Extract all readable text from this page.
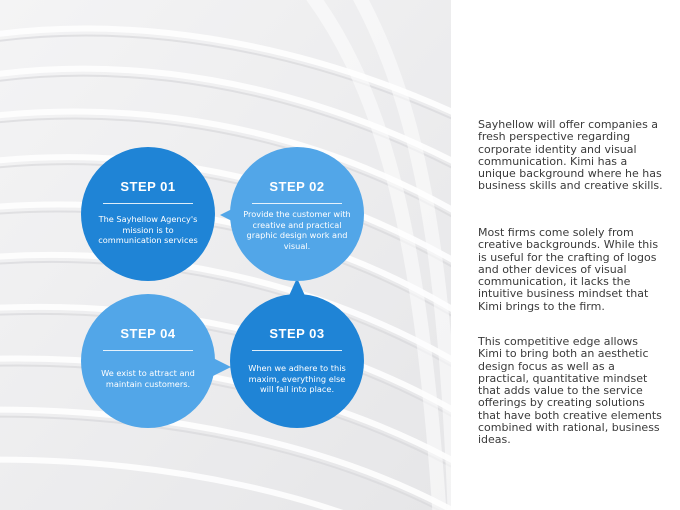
STEP 01
The Sayhellow Agency's mission is to communication services
STEP 02
Provide the customer with creative and practical graphic design work and visual.
STEP 03
When we adhere to this maxim, everything else will fall into place.
STEP 04
We exist to attract and maintain customers.
Sayhellow will offer companies a fresh perspective regarding corporate identity and visual communication. Kimi has a unique background where he has business skills and creative skills.
Most firms come solely from creative backgrounds. While this is useful for the crafting of logos and other devices of visual communication, it lacks the intuitive business mindset that Kimi brings to the firm.
This competitive edge allows Kimi to bring both an aesthetic design focus as well as a practical, quantitative mindset that adds value to the service offerings by creating solutions that have both creative elements combined with rational, business ideas.
